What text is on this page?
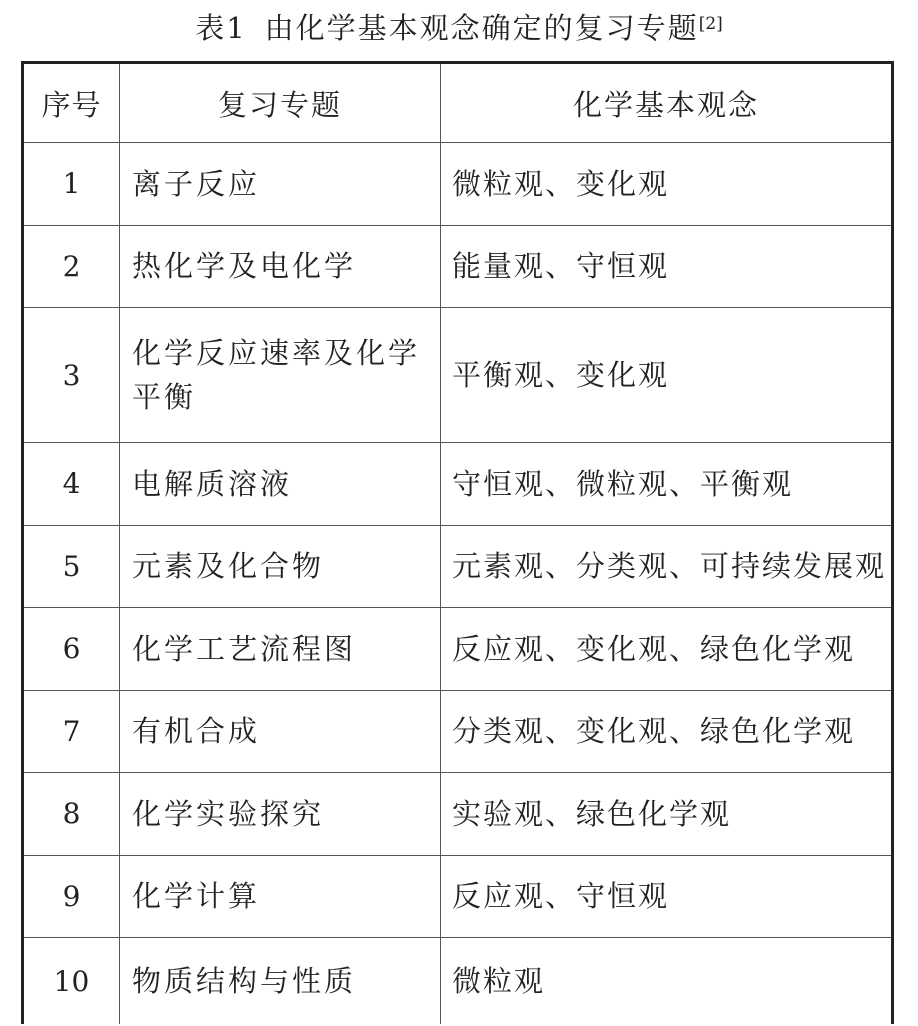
表1 由化学基本观念确定的复习专题[2]
序号	复习专题	化学基本观念
1	离子反应	微粒观、变化观
2	热化学及电化学	能量观、守恒观
3	化学反应速率及化学平衡	平衡观、变化观
4	电解质溶液	守恒观、微粒观、平衡观
5	元素及化合物	元素观、分类观、可持续发展观
6	化学工艺流程图	反应观、变化观、绿色化学观
7	有机合成	分类观、变化观、绿色化学观
8	化学实验探究	实验观、绿色化学观
9	化学计算	反应观、守恒观
10	物质结构与性质	微粒观
